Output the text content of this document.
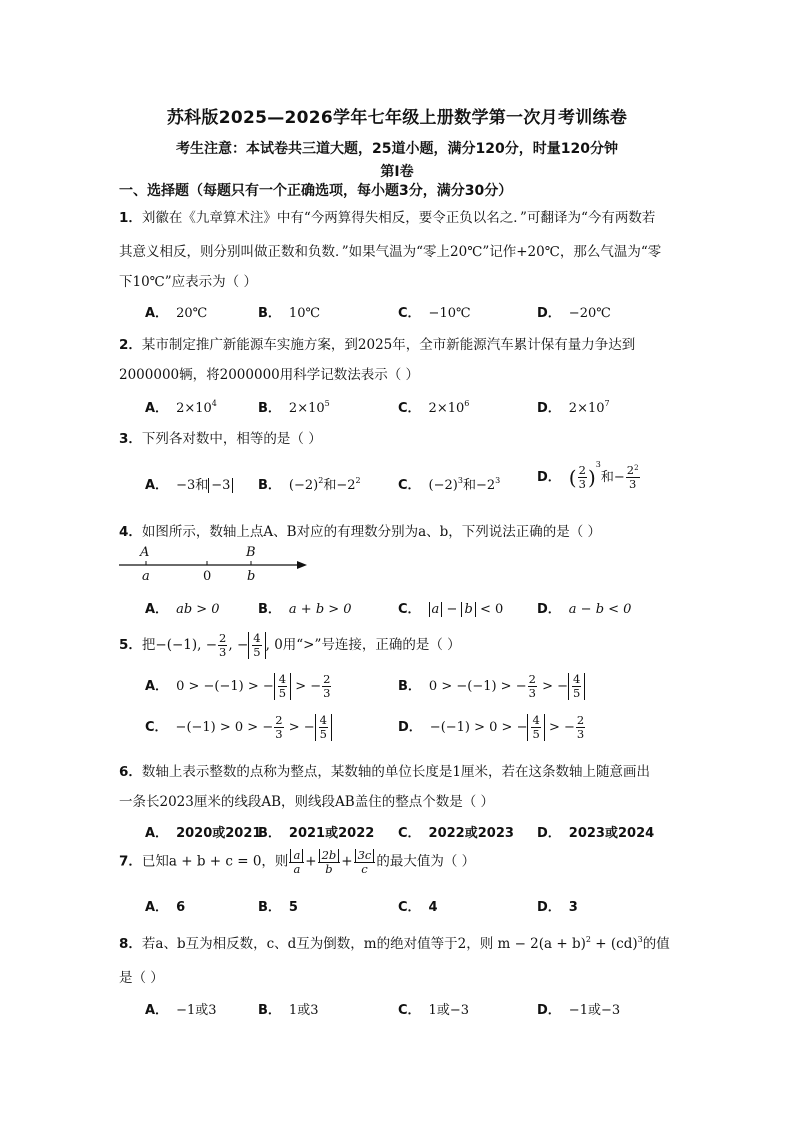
苏科版2025—2026学年七年级上册数学第一次月考训练卷
考生注意：本试卷共三道大题，25道小题，满分120分，时量120分钟
第Ⅰ卷
一、选择题（每题只有一个正确选项，每小题3分，满分30分）
1．刘徽在《九章算术注》中有“今两算得失相反，要令正负以名之．”可翻译为“今有两数若
其意义相反，则分别叫做正数和负数．”如果气温为“零上20℃”记作+20℃，那么气温为“零
下10℃”应表示为（ ）
A． 20℃	B． 10℃	C． −10℃	D． −20℃
2．某市制定推广新能源车实施方案，到2025年，全市新能源汽车累计保有量力争达到
2000000辆，将2000000用科学记数法表示（ ）
A． $2\times 10^4$	B． $2\times 10^5$	C． $2\times 10^6$	D． $2\times 10^7$
3．下列各对数中，相等的是（ ）
A． −3和 −3 B． $(-2)^2$和$-2^2$	C． $(-2)^3$和$-2^3$	D． ( $\frac{2}{3} )^3$和− $\frac{2^2}{3}$
4．如图所示，数轴上点A、B对应的有理数分别为a、b，下列说法正确的是（ ）
A	B
a	0	b
A． ab > 0	B． a + b > 0	C． a − b < 0	D． a − b < 0
5．把−(−1), − $\frac{2}{3}$ , − $\frac{4}{5}$ , 0用“>”号连接，正确的是（ ）
A． 0 > −(−1) > − $\frac{4}{5}$ > − $\frac{2}{3}$	B． 0 > −(−1) > − $\frac{2}{3}$ > − $\frac{4}{5}$
C． −(−1) > 0 > − $\frac{2}{3}$ > − $\frac{4}{5}$	D． −(−1) > 0 > − $\frac{4}{5}$ > − $\frac{2}{3}$
6．数轴上表示整数的点称为整点，某数轴的单位长度是1厘米，若在这条数轴上随意画出
一条长2023厘米的线段AB，则线段AB盖住的整点个数是（ ）
A． 2020或2021
B． 2021或2022 C． 2022或2023 D． 2023或2024
7．已知a + b + c = 0，则 $\frac{a}{a} + \frac{2b}{b} + \frac{3c}{c}$ 的最大值为（ ）
A． 6	B． 5	C． 4	D． 3
8．若a、b互为相反数，c、d互为倒数，m的绝对值等于2，则 $m - 2(a + b)^2 + (cd)^3$的值
是（ ）
A． −1或3	B． 1或3	C． 1或−3	D． −1或−3
